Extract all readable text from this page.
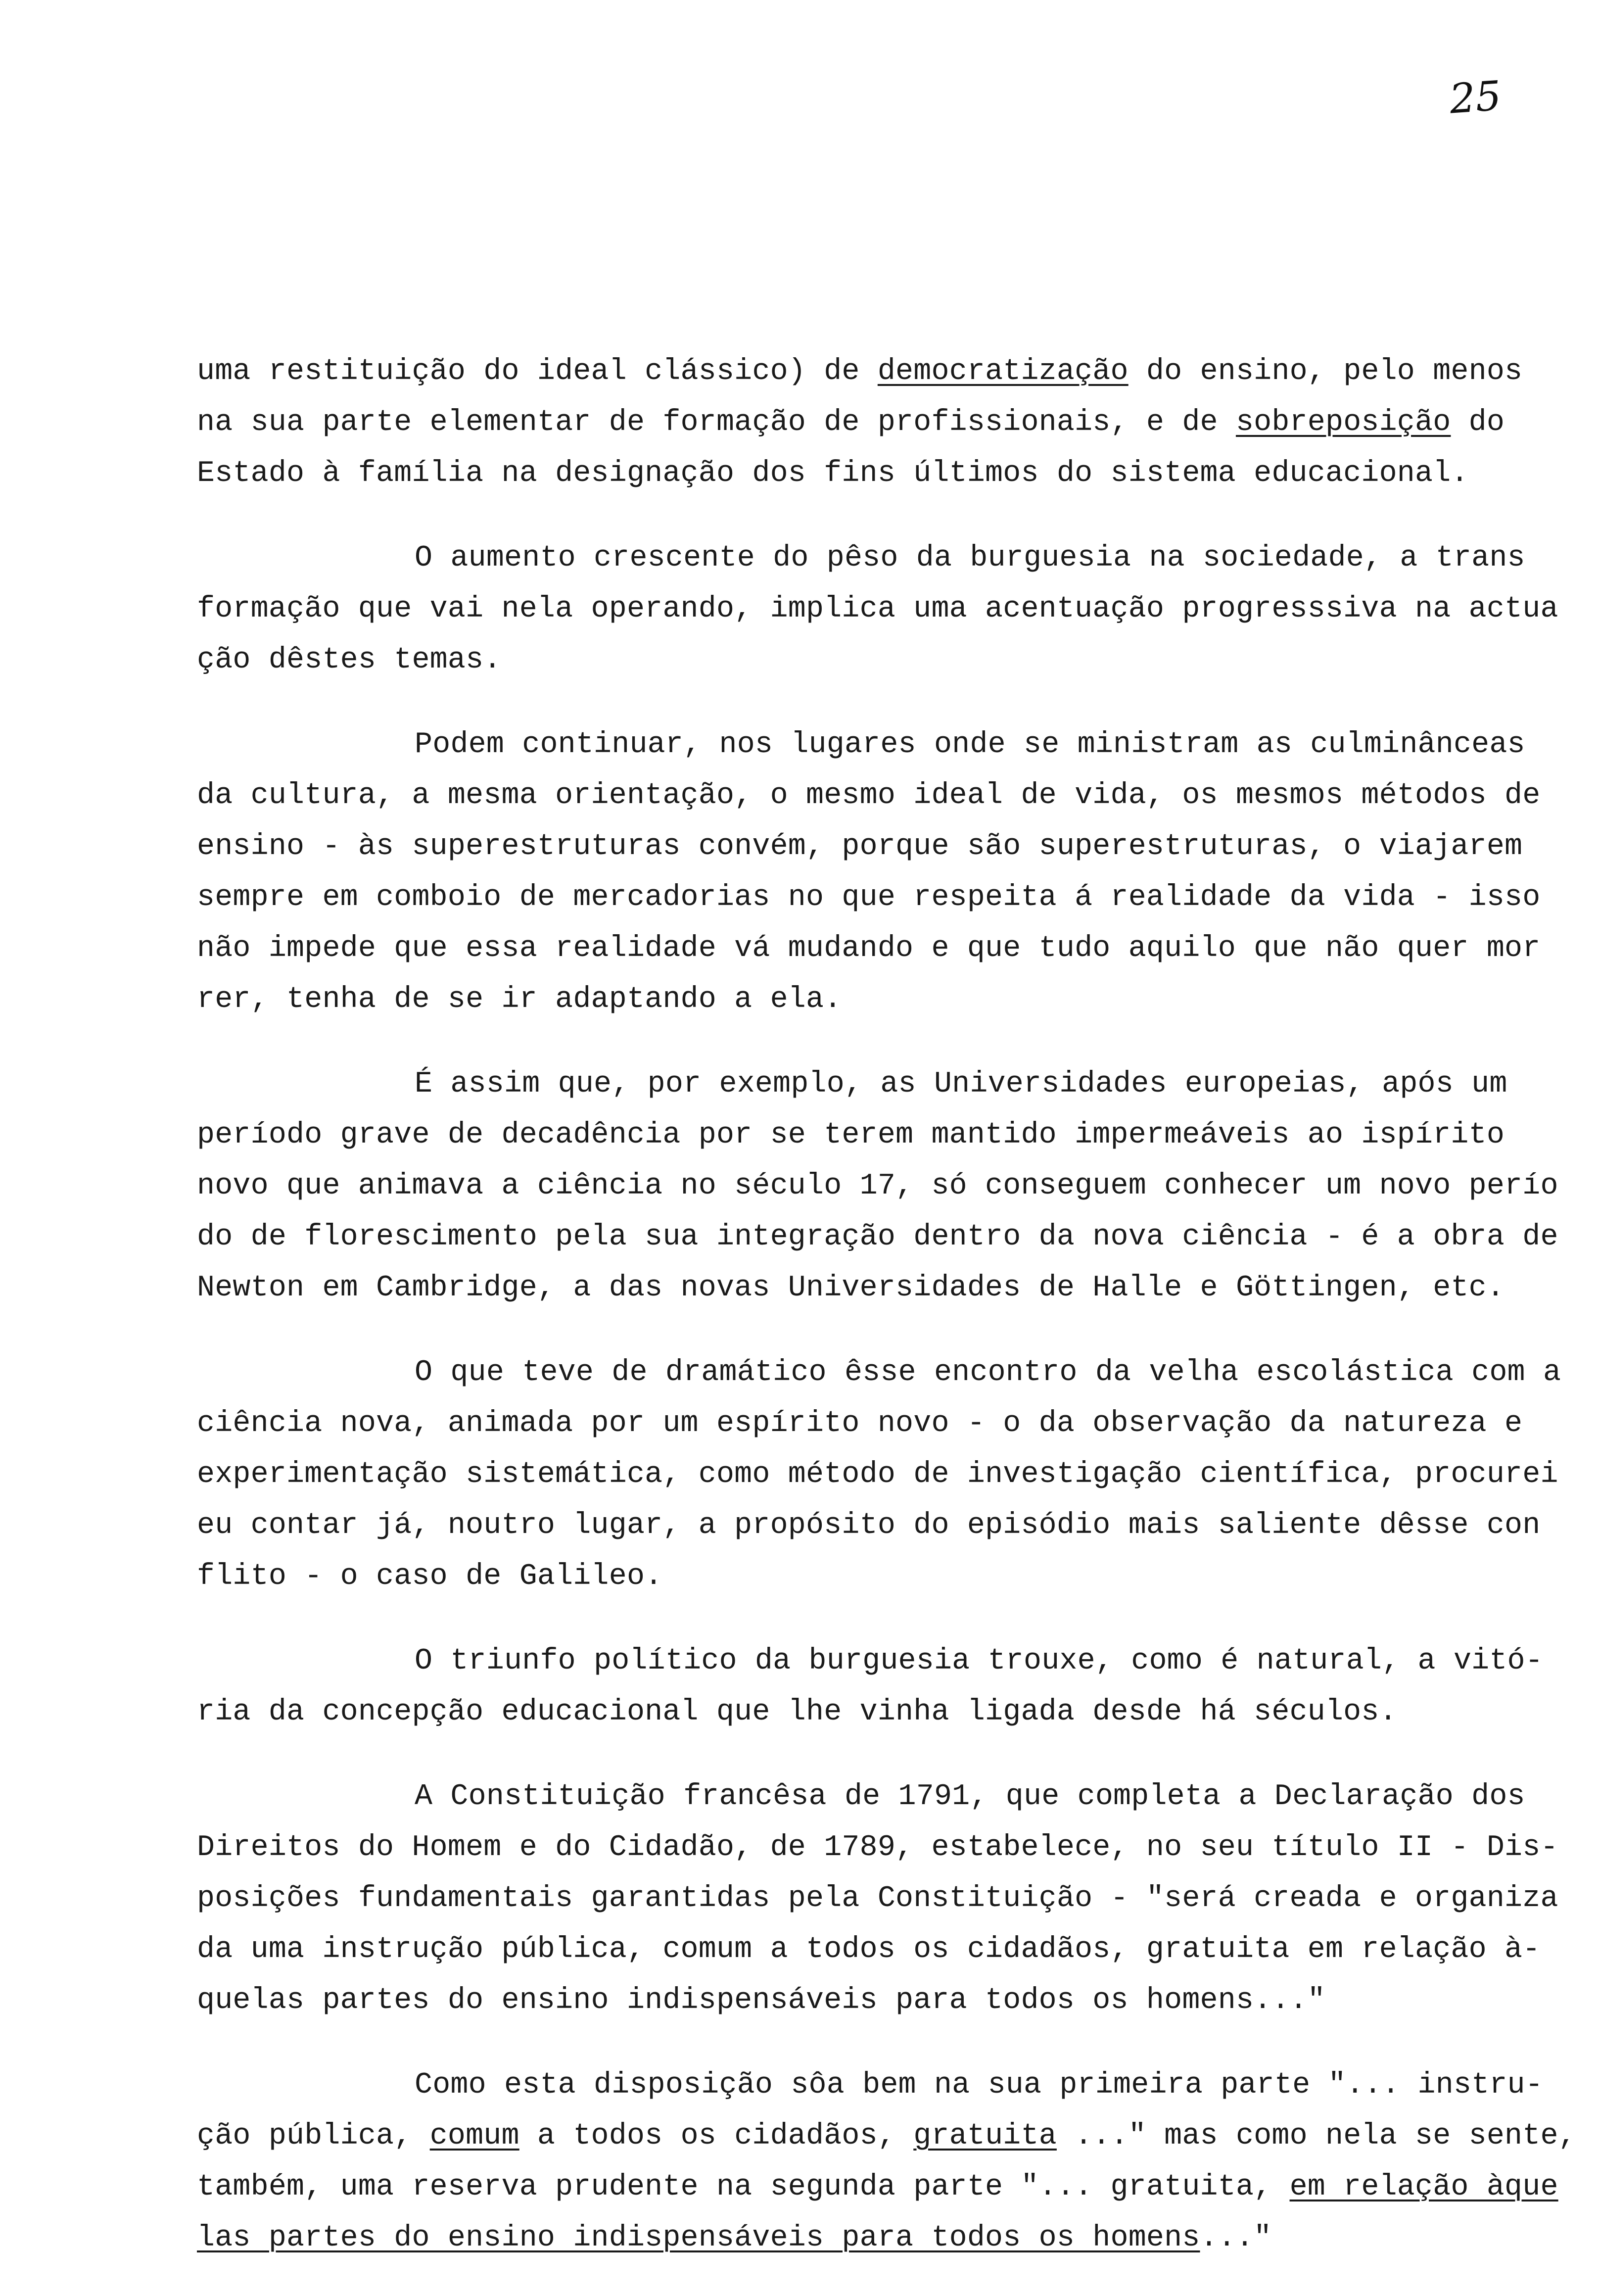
25
uma restituição do ideal clássico) de democratização do ensino, pelo menos
na sua parte elementar de formação de profissionais, e de sobreposição do
Estado à família na designação dos fins últimos do sistema educacional.
O aumento crescente do pêso da burguesia na sociedade, a trans
formação que vai nela operando, implica uma acentuação progresssiva na actua
ção dêstes temas.
Podem continuar, nos lugares onde se ministram as culminânceas
da cultura, a mesma orientação, o mesmo ideal de vida, os mesmos métodos de
ensino - às superestruturas convém, porque são superestruturas, o viajarem
sempre em comboio de mercadorias no que respeita á realidade da vida - isso
não impede que essa realidade vá mudando e que tudo aquilo que não quer mor
rer, tenha de se ir adaptando a ela.
É assim que, por exemplo, as Universidades europeias, após um
período grave de decadência por se terem mantido impermeáveis ao ispírito
novo que animava a ciência no século 17, só conseguem conhecer um novo perío
do de florescimento pela sua integração dentro da nova ciência - é a obra de
Newton em Cambridge, a das novas Universidades de Halle e Göttingen, etc.
O que teve de dramático êsse encontro da velha escolástica com a
ciência nova, animada por um espírito novo - o da observação da natureza e
experimentação sistemática, como método de investigação científica, procurei
eu contar já, noutro lugar, a propósito do episódio mais saliente dêsse con
flito - o caso de Galileo.
O triunfo político da burguesia trouxe, como é natural, a vitó-
ria da concepção educacional que lhe vinha ligada desde há séculos.
A Constituição francêsa de 1791, que completa a Declaração dos
Direitos do Homem e do Cidadão, de 1789, estabelece, no seu título II - Dis-
posições fundamentais garantidas pela Constituição - "será creada e organiza
da uma instrução pública, comum a todos os cidadãos, gratuita em relação à-
quelas partes do ensino indispensáveis para todos os homens..."
Como esta disposição sôa bem na sua primeira parte "... instru-
ção pública, comum a todos os cidadãos, gratuita ..." mas como nela se sente,
também, uma reserva prudente na segunda parte "... gratuita, em relação àque
las partes do ensino indispensáveis para todos os homens..."
